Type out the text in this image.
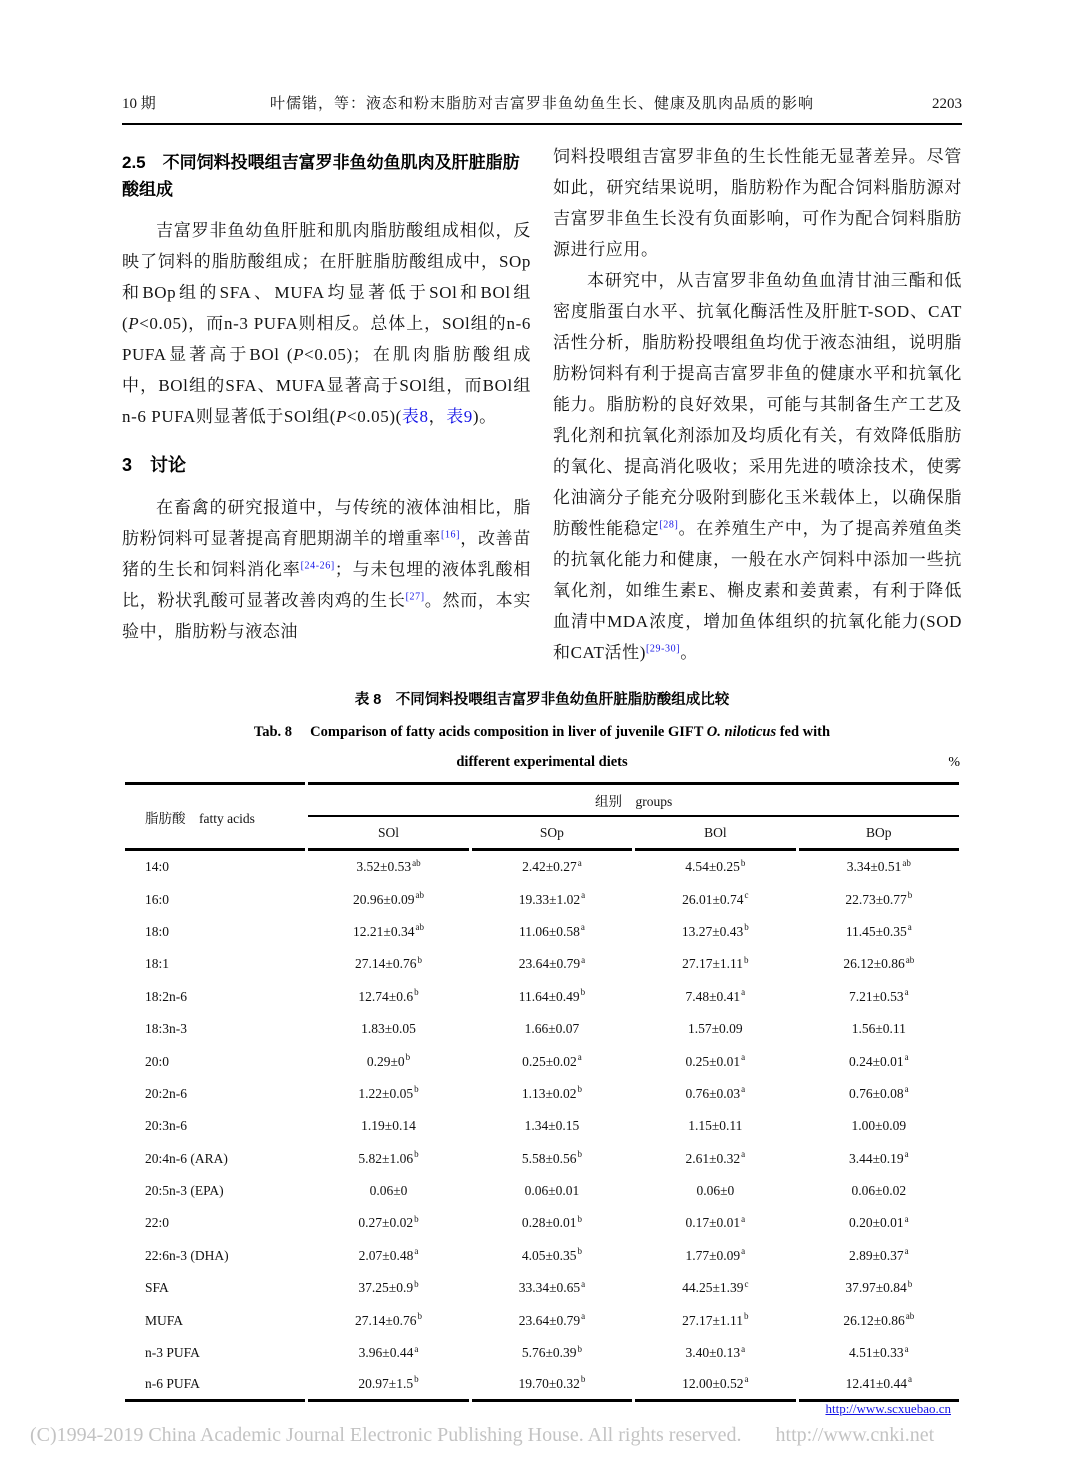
10 期	叶儒锴，等：液态和粉末脂肪对吉富罗非鱼幼鱼生长、健康及肌肉品质的影响	2203
2.5　不同饲料投喂组吉富罗非鱼幼鱼肌肉及肝脏脂肪酸组成

吉富罗非鱼幼鱼肝脏和肌肉脂肪酸组成相似，反映了饲料的脂肪酸组成；在肝脏脂肪酸组成中，SOp和BOp组的SFA、MUFA均显著低于SOl和BOl组(P<0.05)，而n-3 PUFA则相反。总体上，SOl组的n-6 PUFA显著高于BOl (P<0.05)；在肌肉脂肪酸组成中，BOl组的SFA、MUFA显著高于SOl组，而BOl组n-6 PUFA则显著低于SOl组(P<0.05)(表8，表9)。

3　讨论

在畜禽的研究报道中，与传统的液体油相比，脂肪粉饲料可显著提高育肥期湖羊的增重率[16]，改善苗猪的生长和饲料消化率[24-26]；与未包埋的液体乳酸相比，粉状乳酸可显著改善肉鸡的生长[27]。然而，本实验中，脂肪粉与液态油

饲料投喂组吉富罗非鱼的生长性能无显著差异。尽管如此，研究结果说明，脂肪粉作为配合饲料脂肪源对吉富罗非鱼生长没有负面影响，可作为配合饲料脂肪源进行应用。

本研究中，从吉富罗非鱼幼鱼血清甘油三酯和低密度脂蛋白水平、抗氧化酶活性及肝脏T-SOD、CAT活性分析，脂肪粉投喂组鱼均优于液态油组，说明脂肪粉饲料有利于提高吉富罗非鱼的健康水平和抗氧化能力。脂肪粉的良好效果，可能与其制备生产工艺及乳化剂和抗氧化剂添加及均质化有关，有效降低脂肪的氧化、提高消化吸收；采用先进的喷涂技术，使雾化油滴分子能充分吸附到膨化玉米载体上，以确保脂肪酸性能稳定[28]。在养殖生产中，为了提高养殖鱼类的抗氧化能力和健康，一般在水产饲料中添加一些抗氧化剂，如维生素E、槲皮素和姜黄素，有利于降低血清中MDA浓度，增加鱼体组织的抗氧化能力(SOD和CAT活性)[29-30]。

表 8　不同饲料投喂组吉富罗非鱼幼鱼肝脏脂肪酸组成比较
Tab. 8　 Comparison of fatty acids composition in liver of juvenile GIFT O. niloticus fed with
different experimental diets	%
脂肪酸　fatty acids	组别　groups			
	SOl	SOp	BOl	BOp
14:0	3.52±0.53$^{ab}$	2.42±0.27$^a$	4.54±0.25$^b$	3.34±0.51$^{ab}$
16:0	20.96±0.09$^{ab}$	19.33±1.02$^a$	26.01±0.74$^c$	22.73±0.77$^b$
18:0	12.21±0.34$^{ab}$	11.06±0.58$^a$	13.27±0.43$^b$	11.45±0.35$^a$
18:1	27.14±0.76$^b$	23.64±0.79$^a$	27.17±1.11$^b$	26.12±0.86$^{ab}$
18:2n-6	12.74±0.6$^b$	11.64±0.49$^b$	7.48±0.41$^a$	7.21±0.53$^a$
18:3n-3	1.83±0.05	1.66±0.07	1.57±0.09	1.56±0.11
20:0	$0.29\pm 0^b$	0.25±0.02$^a$	0.25±0.01$^a$	0.24±0.01$^a$
20:2n-6	1.22±0.05$^b$	1.13±0.02$^b$	0.76±0.03$^a$	0.76±0.08$^a$
20:3n-6	1.19±0.14	1.34±0.15	1.15±0.11	1.00±0.09
20:4n-6 (ARA)	5.82±1.06$^b$	5.58±0.56$^b$	2.61±0.32$^a$	3.44±0.19$^a$
20:5n-3 (EPA)	0.06±0	0.06±0.01	0.06±0	0.06±0.02
22:0	0.27±0.02$^b$	0.28±0.01$^b$	0.17±0.01$^a$	0.20±0.01$^a$
22:6n-3 (DHA)	2.07±0.48$^a$	4.05±0.35$^b$	1.77±0.09$^a$	2.89±0.37$^a$
SFA	37.25±0.9$^b$	33.34±0.65$^a$	44.25±1.39$^c$	37.97±0.84$^b$
MUFA	27.14±0.76$^b$	23.64±0.79$^a$	27.17±1.11$^b$	26.12±0.86$^{ab}$
n-3 PUFA	3.96±0.44$^a$	5.76±0.39$^b$	3.40±0.13$^a$	4.51±0.33$^a$
n-6 PUFA	20.97±1.5$^b$	19.70±0.32$^b$	12.00±0.52$^a$	12.41±0.44$^a$
http://www.scxuebao.cn
(C)1994-2019 China Academic Journal Electronic Publishing House. All rights reserved. http://www.cnki.net
